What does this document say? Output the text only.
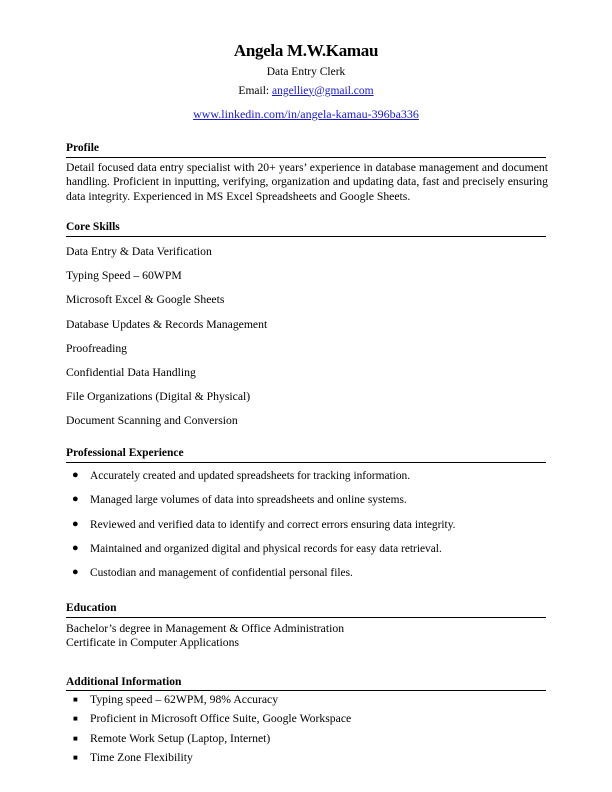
Angela M.W.Kamau
Data Entry Clerk
Email: angelliey@gmail.com
www.linkedin.com/in/angela-kamau-396ba336
Profile

Detail focused data entry specialist with 20+ years’ experience in database management and document handling. Proficient in inputting, verifying, organization and updating data, fast and precisely ensuring data integrity. Experienced in MS Excel Spreadsheets and Google Sheets.

Core Skills
Data Entry & Data Verification
Typing Speed – 60WPM
Microsoft Excel & Google Sheets
Database Updates & Records Management
Proofreading
Confidential Data Handling
File Organizations (Digital & Physical)
Document Scanning and Conversion
Professional Experience
● Accurately created and updated spreadsheets for tracking information.
● Managed large volumes of data into spreadsheets and online systems.
● Reviewed and verified data to identify and correct errors ensuring data integrity.
● Maintained and organized digital and physical records for easy data retrieval.
● Custodian and management of confidential personal files.
Education
Bachelor’s degree in Management & Office Administration
Certificate in Computer Applications
Additional Information
■ Typing speed – 62WPM, 98% Accuracy
■ Proficient in Microsoft Office Suite, Google Workspace
■ Remote Work Setup (Laptop, Internet)
■ Time Zone Flexibility
